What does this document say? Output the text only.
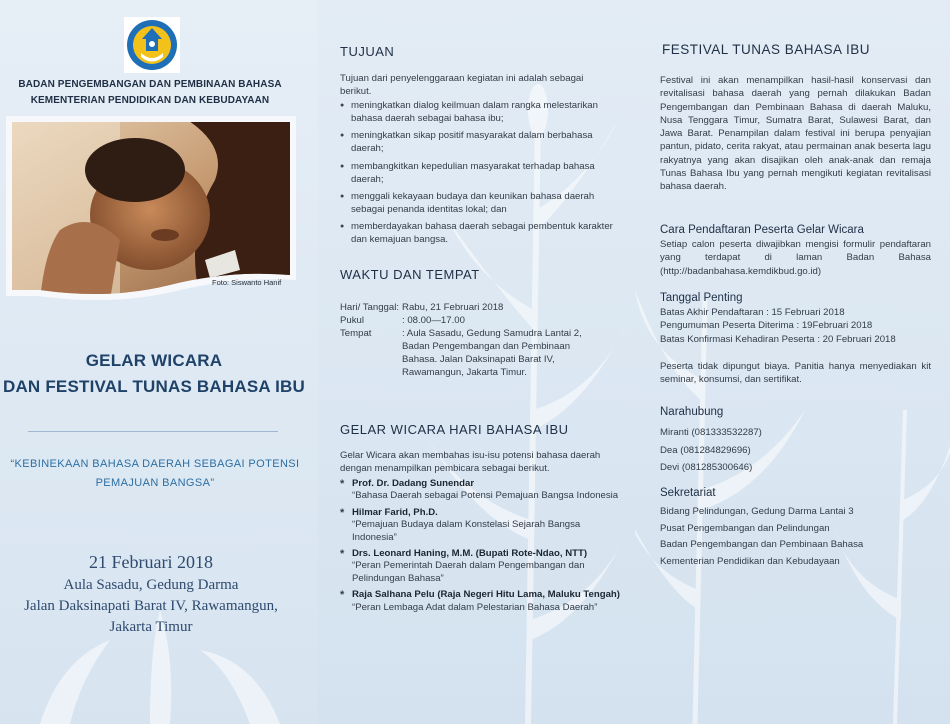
BADAN PENGEMBANGAN DAN PEMBINAAN BAHASA
KEMENTERIAN PENDIDIKAN DAN KEBUDAYAAN
Foto: Siswanto Hanif
GELAR WICARA
DAN FESTIVAL TUNAS BAHASA IBU
“KEBINEKAAN BAHASA DAERAH SEBAGAI POTENSI
PEMAJUAN BANGSA”
21 Februari 2018
Aula Sasadu, Gedung Darma
Jalan Daksinapati Barat IV, Rawamangun,
Jakarta Timur
TUJUAN
Tujuan dari penyelenggaraan kegiatan ini adalah sebagai berikut.
● meningkatkan dialog keilmuan dalam rangka melestarikan bahasa daerah sebagai bahasa ibu;
● meningkatkan sikap positif masyarakat dalam berbahasa daerah;
● membangkitkan kepedulian masyarakat terhadap bahasa daerah;
● menggali kekayaan budaya dan keunikan bahasa daerah sebagai penanda identitas lokal; dan
● memberdayakan bahasa daerah sebagai pembentuk karakter dan kemajuan bangsa.
WAKTU DAN TEMPAT
Hari/ Tanggal: Rabu, 21 Februari 2018
Pukul	: 08.00—17.00
Tempat	: Aula Sasadu, Gedung Samudra Lantai 2, Badan Pengembangan dan Pembinaan Bahasa. Jalan Daksinapati Barat IV, Rawamangun, Jakarta Timur.
GELAR WICARA HARI BAHASA IBU
Gelar Wicara akan membahas isu-isu potensi bahasa daerah dengan menampilkan pembicara sebagai berikut.
* Prof. Dr. Dadang Sunendar
“Bahasa Daerah sebagai Potensi Pemajuan Bangsa Indonesia
* Hilmar Farid, Ph.D.
“Pemajuan Budaya dalam Konstelasi Sejarah Bangsa Indonesia”
* Drs. Leonard Haning, M.M. (Bupati Rote-Ndao, NTT)
“Peran Pemerintah Daerah dalam Pengembangan dan Pelindungan Bahasa”
* Raja Salhana Pelu (Raja Negeri Hitu Lama, Maluku Tengah)
“Peran Lembaga Adat dalam Pelestarian Bahasa Daerah”
FESTIVAL TUNAS BAHASA IBU
Festival ini akan menampilkan hasil-hasil konservasi dan revitalisasi bahasa daerah yang pernah dilakukan Badan Pengembangan dan Pembinaan Bahasa di daerah Maluku, Nusa Tenggara Timur, Sumatra Barat, Sulawesi Barat, dan Jawa Barat. Penampilan dalam festival ini berupa penyajian pantun, pidato, cerita rakyat, atau permainan anak beserta lagu rakyatnya yang akan disajikan oleh anak-anak dan remaja Tunas Bahasa Ibu yang pernah mengikuti kegiatan revitalisasi bahasa daerah.
Cara Pendaftaran Peserta Gelar Wicara
Setiap calon peserta diwajibkan mengisi formulir pendaftaran yang terdapat di laman Badan Bahasa (http://badanbahasa.kemdikbud.go.id)
Tanggal Penting
Batas Akhir Pendaftaran : 15 Februari 2018
Pengumuman Peserta Diterima : 19Februari 2018
Batas Konfirmasi Kehadiran Peserta : 20 Februari 2018
Peserta tidak dipungut biaya. Panitia hanya menyediakan kit seminar, konsumsi, dan sertifikat.
Narahubung
Miranti (081333532287)
Dea (081284829696)
Devi (081285300646)
Sekretariat
Bidang Pelindungan, Gedung Darma Lantai 3
Pusat Pengembangan dan Pelindungan
Badan Pengembangan dan Pembinaan Bahasa
Kementerian Pendidikan dan Kebudayaan
